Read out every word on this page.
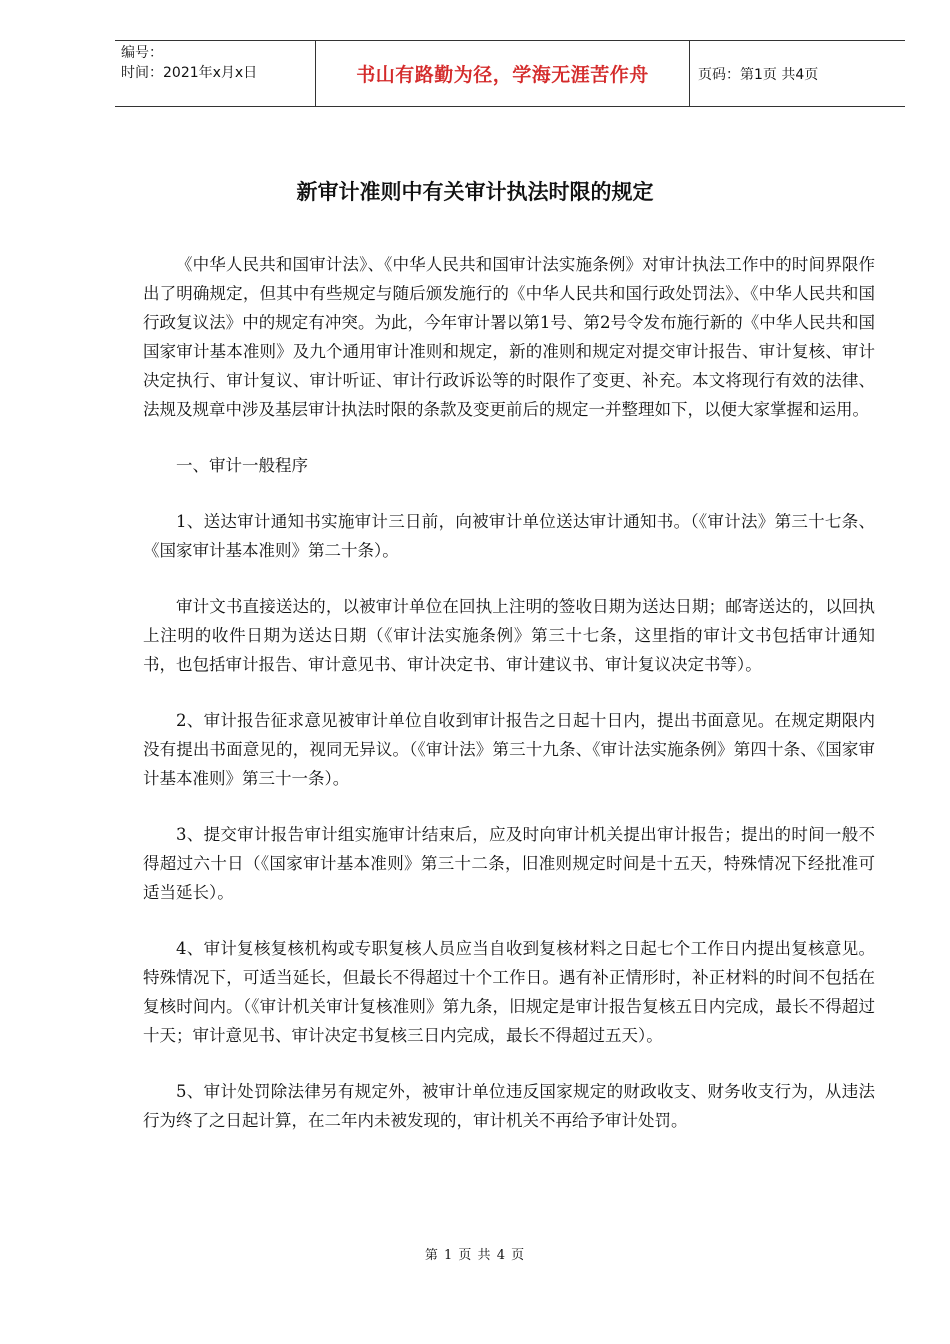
编号：
时间：2021年x月x日	书山有路勤为径，学海无涯苦作舟	页码：第1页 共4页
新审计准则中有关审计执法时限的规定

《中华人民共和国审计法》、《中华人民共和国审计法实施条例》对审计执法工作中的时间界限作出了明确规定，但其中有些规定与随后颁发施行的《中华人民共和国行政处罚法》、《中华人民共和国行政复议法》中的规定有冲突。为此，今年审计署以第1号、第2号令发布施行新的《中华人民共和国国家审计基本准则》及九个通用审计准则和规定，新的准则和规定对提交审计报告、审计复核、审计决定执行、审计复议、审计听证、审计行政诉讼等的时限作了变更、补充。本文将现行有效的法律、法规及规章中涉及基层审计执法时限的条款及变更前后的规定一并整理如下，以便大家掌握和运用。

一、审计一般程序

1、送达审计通知书实施审计三日前，向被审计单位送达审计通知书。（《审计法》第三十七条、《国家审计基本准则》第二十条）。

审计文书直接送达的，以被审计单位在回执上注明的签收日期为送达日期；邮寄送达的，以回执上注明的收件日期为送达日期（《审计法实施条例》第三十七条，这里指的审计文书包括审计通知书，也包括审计报告、审计意见书、审计决定书、审计建议书、审计复议决定书等）。

2、审计报告征求意见被审计单位自收到审计报告之日起十日内，提出书面意见。在规定期限内没有提出书面意见的，视同无异议。（《审计法》第三十九条、《审计法实施条例》第四十条、《国家审计基本准则》第三十一条）。

3、提交审计报告审计组实施审计结束后，应及时向审计机关提出审计报告；提出的时间一般不得超过六十日（《国家审计基本准则》第三十二条，旧准则规定时间是十五天，特殊情况下经批准可适当延长）。

4、审计复核复核机构或专职复核人员应当自收到复核材料之日起七个工作日内提出复核意见。特殊情况下，可适当延长，但最长不得超过十个工作日。遇有补正情形时，补正材料的时间不包括在复核时间内。（《审计机关审计复核准则》第九条，旧规定是审计报告复核五日内完成，最长不得超过十天；审计意见书、审计决定书复核三日内完成，最长不得超过五天）。

5、审计处罚除法律另有规定外，被审计单位违反国家规定的财政收支、财务收支行为，从违法行为终了之日起计算，在二年内未被发现的，审计机关不再给予审计处罚。

第 1 页 共 4 页
